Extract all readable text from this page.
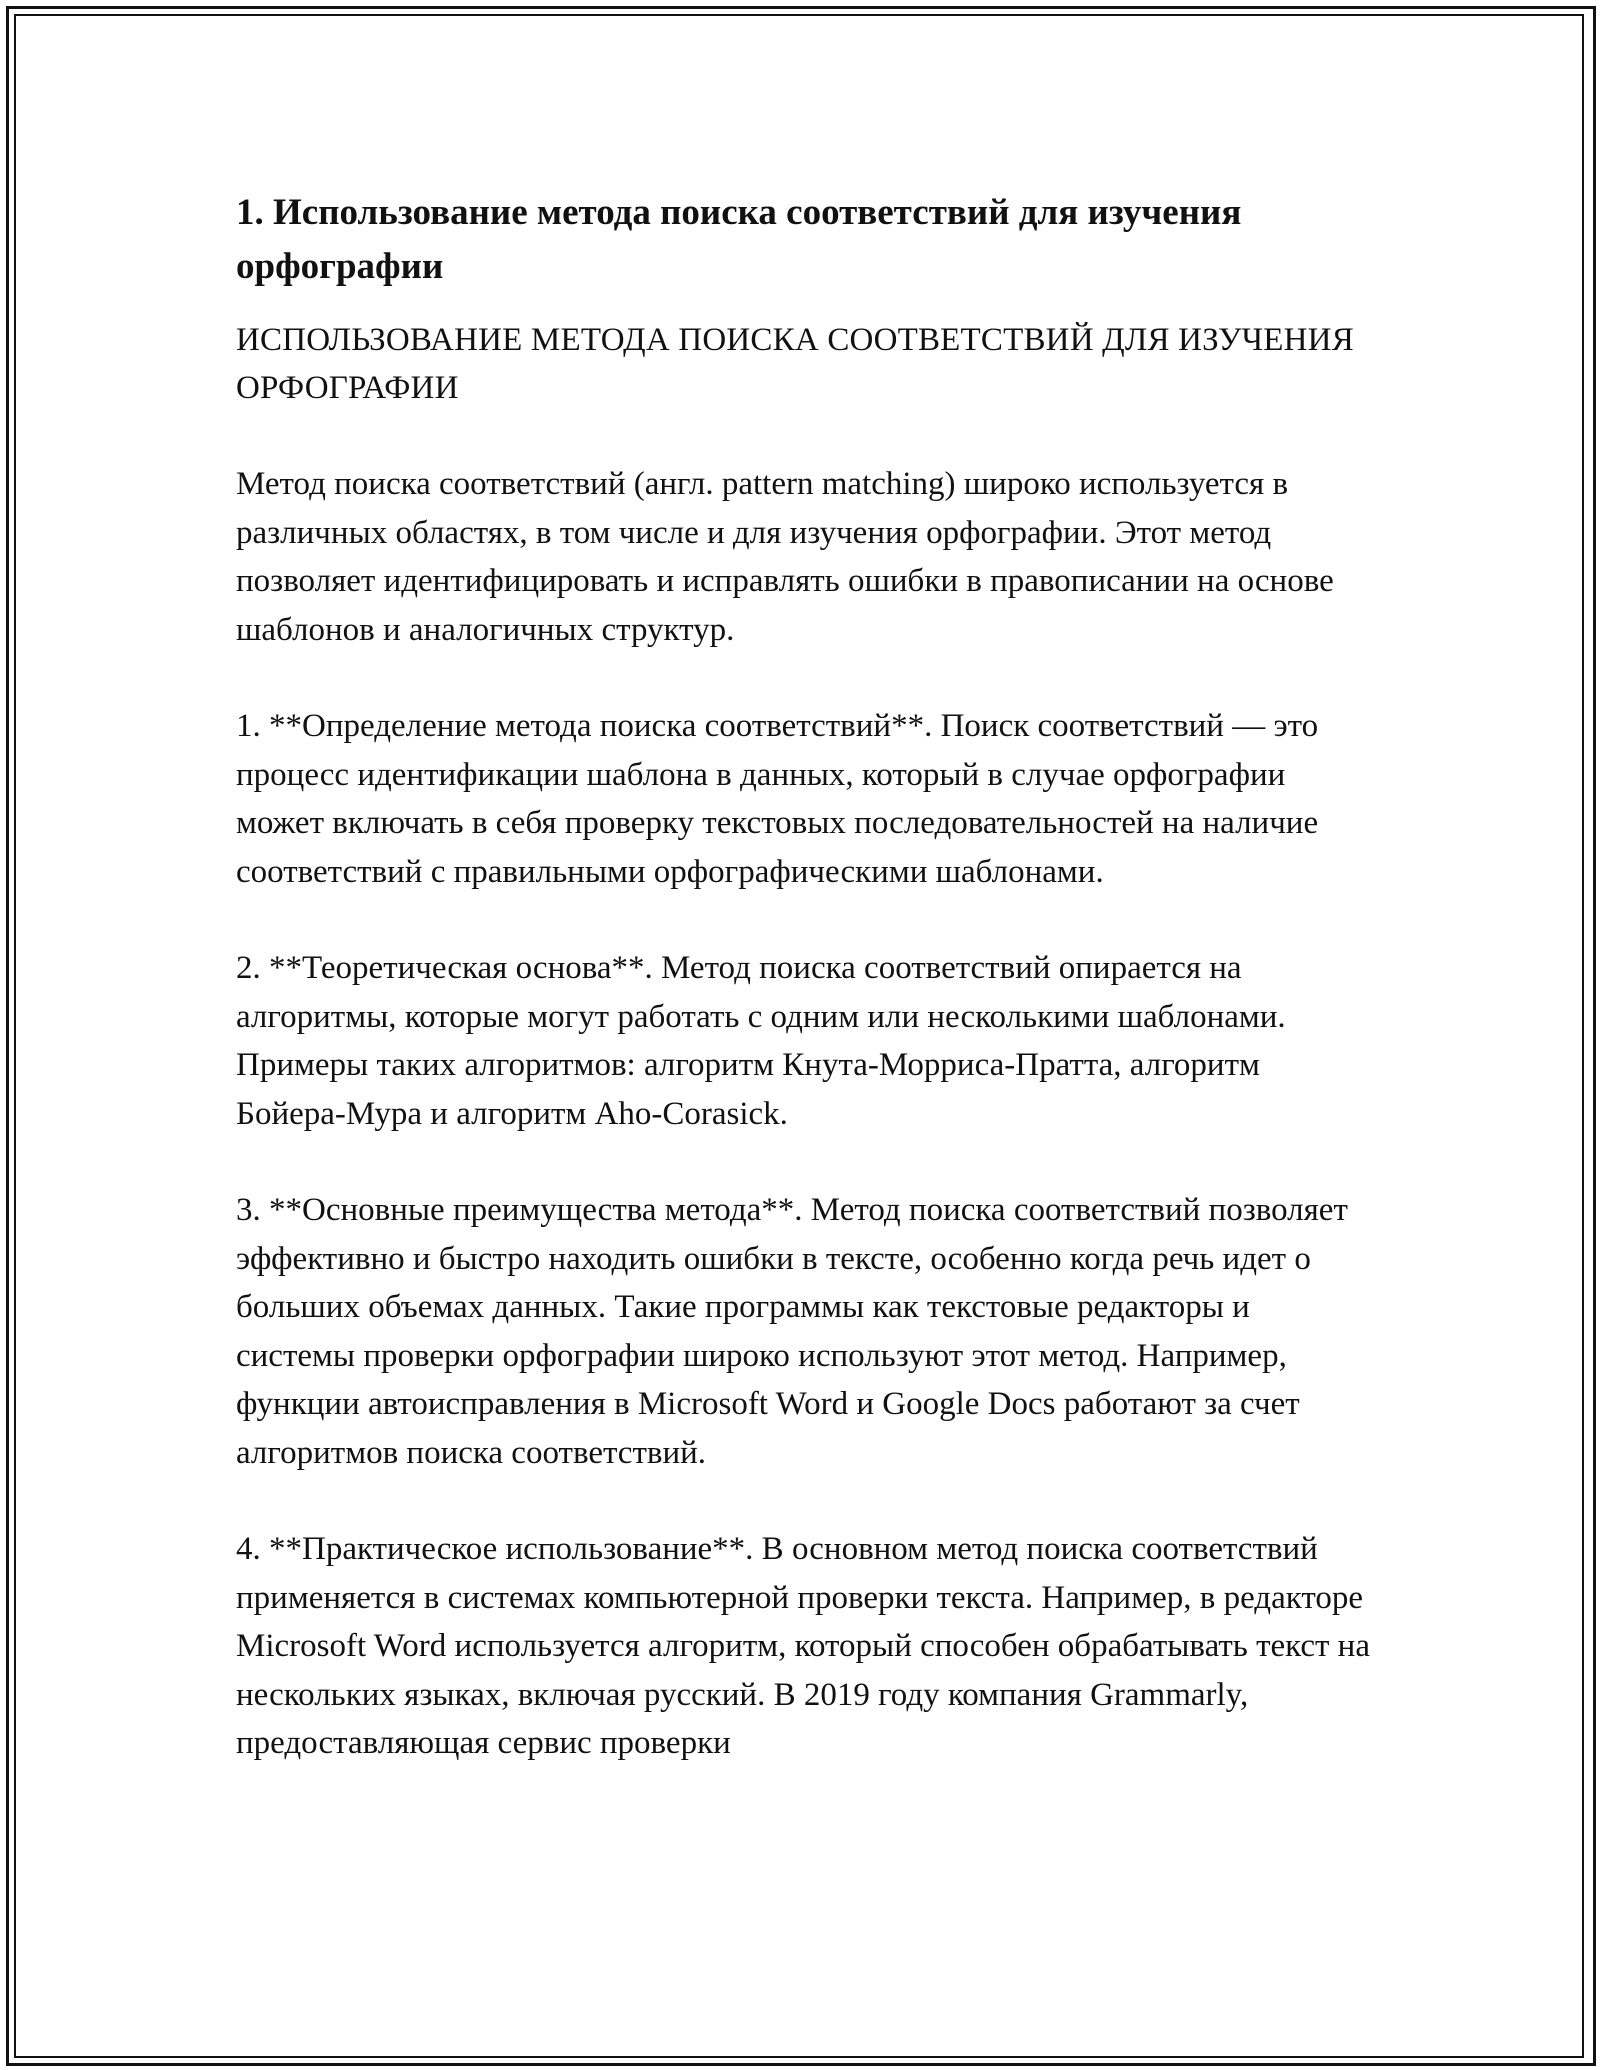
1. Использование метода поиска соответствий для изучения орфографии
ИСПОЛЬЗОВАНИЕ МЕТОДА ПОИСКА СООТВЕТСТВИЙ ДЛЯ ИЗУЧЕНИЯ ОРФОГРАФИИ

Метод поиска соответствий (англ. pattern matching) широко используется в различных областях, в том числе и для изучения орфографии. Этот метод позволяет идентифицировать и исправлять ошибки в правописании на основе шаблонов и аналогичных структур.

1. **Определение метода поиска соответствий**. Поиск соответствий — это процесс идентификации шаблона в данных, который в случае орфографии может включать в себя проверку текстовых последовательностей на наличие соответствий с правильными орфографическими шаблонами.

2. **Теоретическая основа**. Метод поиска соответствий опирается на алгоритмы, которые могут работать с одним или несколькими шаблонами. Примеры таких алгоритмов: алгоритм Кнута-Морриса-Пратта, алгоритм Бойера-Мура и алгоритм Aho-Corasick.

3. **Основные преимущества метода**. Метод поиска соответствий позволяет эффективно и быстро находить ошибки в тексте, особенно когда речь идет о больших объемах данных. Такие программы как текстовые редакторы и системы проверки орфографии широко используют этот метод. Например, функции автоисправления в Microsoft Word и Google Docs работают за счет алгоритмов поиска соответствий.

4. **Практическое использование**. В основном метод поиска соответствий применяется в системах компьютерной проверки текста. Например, в редакторе Microsoft Word используется алгоритм, который способен обрабатывать текст на нескольких языках, включая русский. В 2019 году компания Grammarly, предоставляющая сервис проверки
